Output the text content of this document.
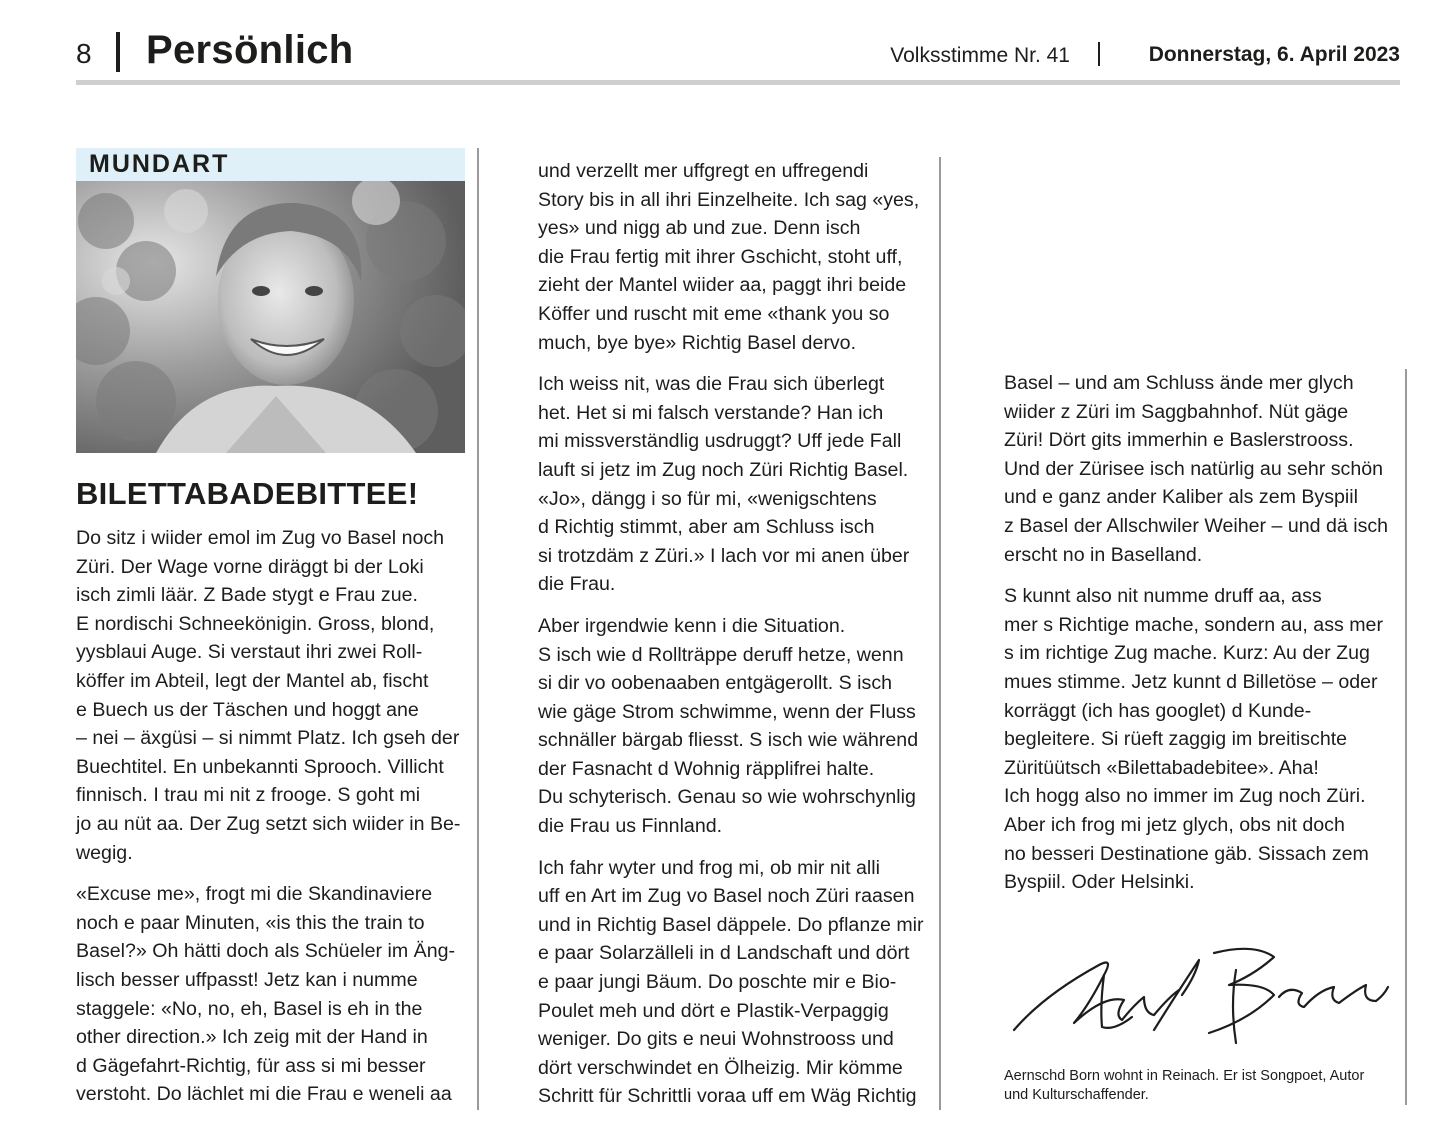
8 Persönlich	Volksstimme Nr. 41	Donnerstag, 6. April 2023
MUNDART
BILETTABADEBITTEE!

Do sitz i wiider emol im Zug vo Basel noch
Züri. Der Wage vorne diräggt bi der Loki
isch zimli läär. Z Bade stygt e Frau zue.
E nordischi Schneekönigin. Gross, blond,
yysblaui Auge. Si verstaut ihri zwei Roll-
köffer im Abteil, legt der Mantel ab, fischt
e Buech us der Täschen und hoggt ane
– nei – äxgüsi – si nimmt Platz. Ich gseh der
Buechtitel. En unbekannti Sprooch. Villicht
finnisch. I trau mi nit z frooge. S goht mi
jo au nüt aa. Der Zug setzt sich wiider in Be-
wegig.

«Excuse me», frogt mi die Skandinaviere
noch e paar Minuten, «is this the train to
Basel?» Oh hätti doch als Schüeler im Äng-
lisch besser uffpasst! Jetz kan i numme
staggele: «No, no, eh, Basel is eh in the
other direction.» Ich zeig mit der Hand in
d Gägefahrt-Richtig, für ass si mi besser
verstoht. Do lächlet mi die Frau e weneli aa

und verzellt mer uffgregt en uffregendi
Story bis in all ihri Einzelheite. Ich sag «yes,
yes» und nigg ab und zue. Denn isch
die Frau fertig mit ihrer Gschicht, stoht uff,
zieht der Mantel wiider aa, paggt ihri beide
Köffer und ruscht mit eme «thank you so
much, bye bye» Richtig Basel dervo.

Ich weiss nit, was die Frau sich überlegt
het. Het si mi falsch verstande? Han ich
mi missverständlig usdruggt? Uff jede Fall
lauft si jetz im Zug noch Züri Richtig Basel.
«Jo», dängg i so für mi, «wenigschtens
d Richtig stimmt, aber am Schluss isch
si trotzdäm z Züri.» I lach vor mi anen über
die Frau.

Aber irgendwie kenn i die Situation.
S isch wie d Rollträppe deruff hetze, wenn
si dir vo oobenaaben entgägerollt. S isch
wie gäge Strom schwimme, wenn der Fluss
schnäller bärgab fliesst. S isch wie während
der Fasnacht d Wohnig räpplifrei halte.
Du schyterisch. Genau so wie wohrschynlig
die Frau us Finnland.

Ich fahr wyter und frog mi, ob mir nit alli
uff en Art im Zug vo Basel noch Züri raasen
und in Richtig Basel däppele. Do pflanze mir
e paar Solarzälleli in d Landschaft und dört
e paar jungi Bäum. Do poschte mir e Bio-
Poulet meh und dört e Plastik-Verpaggig
weniger. Do gits e neui Wohnstrooss und
dört verschwindet en Ölheizig. Mir kömme
Schritt für Schrittli voraa uff em Wäg Richtig

Basel – und am Schluss ände mer glych
wiider z Züri im Saggbahnhof. Nüt gäge
Züri! Dört gits immerhin e Baslerstrooss.
Und der Zürisee isch natürlig au sehr schön
und e ganz ander Kaliber als zem Byspiil
z Basel der Allschwiler Weiher – und dä isch
erscht no in Baselland.

S kunnt also nit numme druff aa, ass
mer s Richtige mache, sondern au, ass mer
s im richtige Zug mache. Kurz: Au der Zug
mues stimme. Jetz kunnt d Billetöse – oder
korräggt (ich has googlet) d Kunde-
begleitere. Si rüeft zaggig im breitischte
Züritüütsch «Bilettabadebitee». Aha!
Ich hogg also no immer im Zug noch Züri.
Aber ich frog mi jetz glych, obs nit doch
no besseri Destinatione gäb. Sissach zem
Byspiil. Oder Helsinki.

Aernschd Born wohnt in Reinach. Er ist Songpoet, Autor
und Kulturschaffender.
